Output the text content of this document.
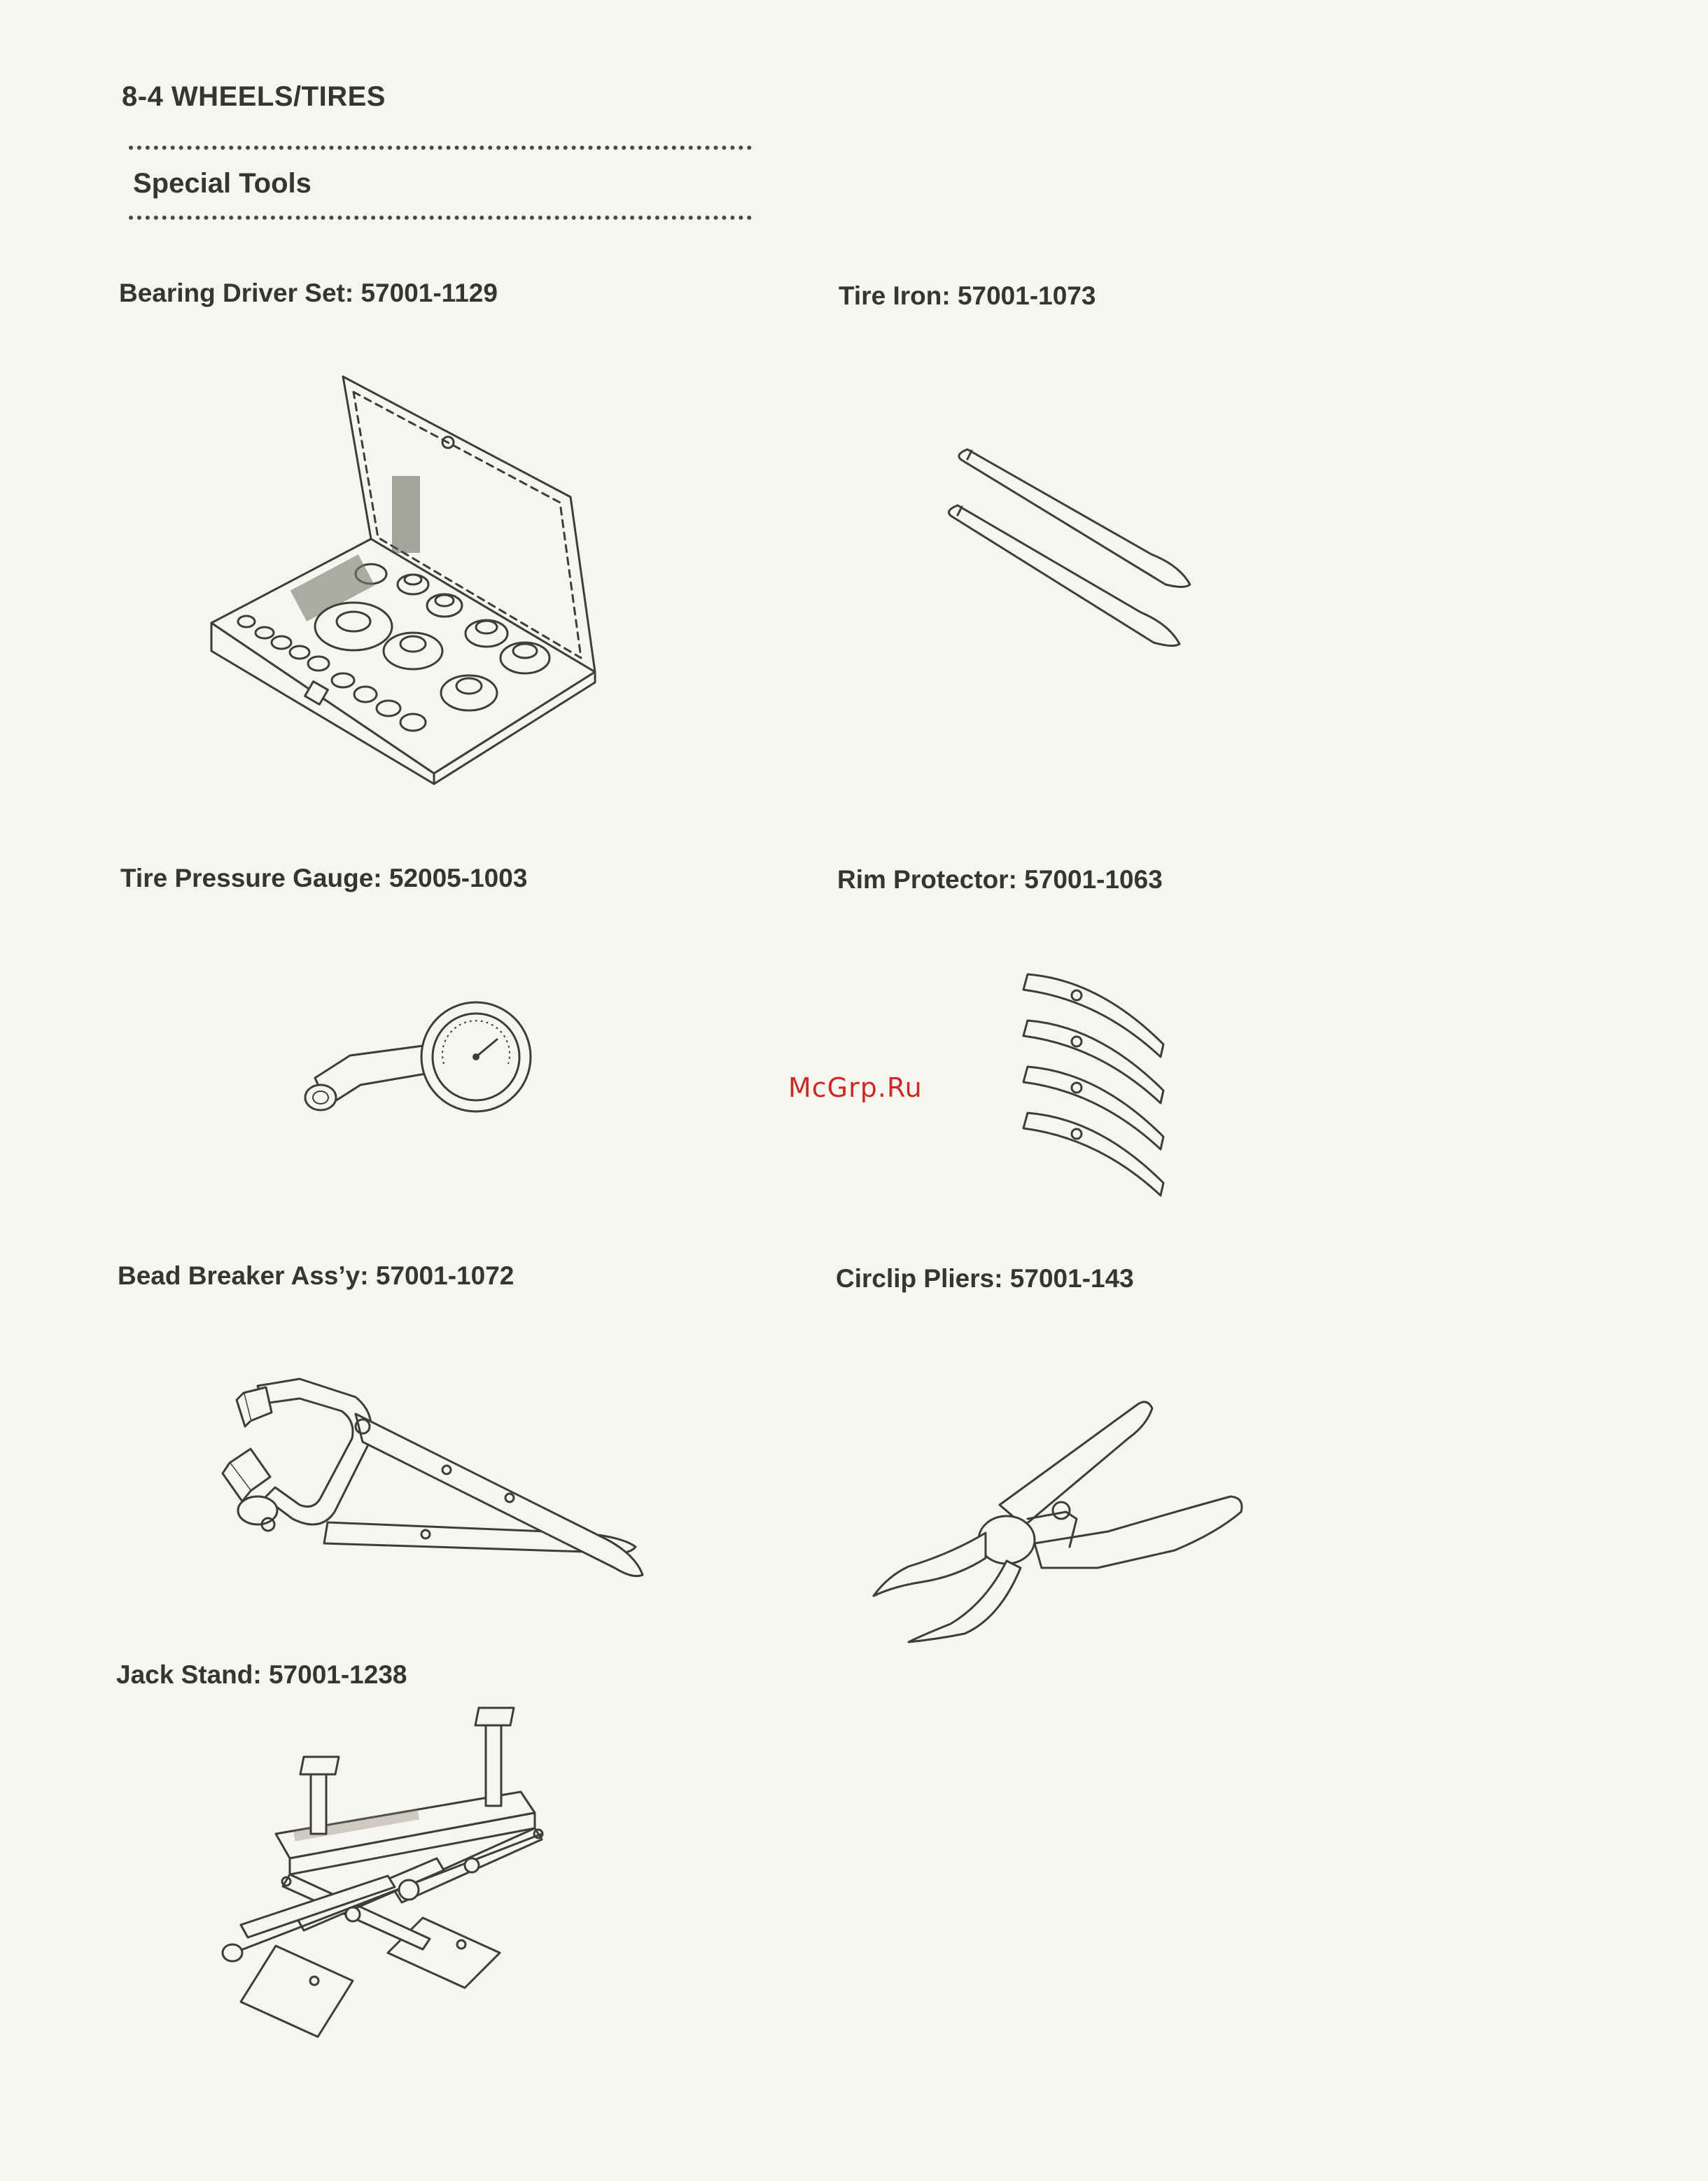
8-4 WHEELS/TIRES
Special Tools
Bearing Driver Set: 57001-1129	Tire Iron: 57001-1073
Tire Pressure Gauge: 52005-1003	Rim Protector: 57001-1063
McGrp.Ru
Bead Breaker Ass’y: 57001-1072	Circlip Pliers: 57001-143
Jack Stand: 57001-1238
